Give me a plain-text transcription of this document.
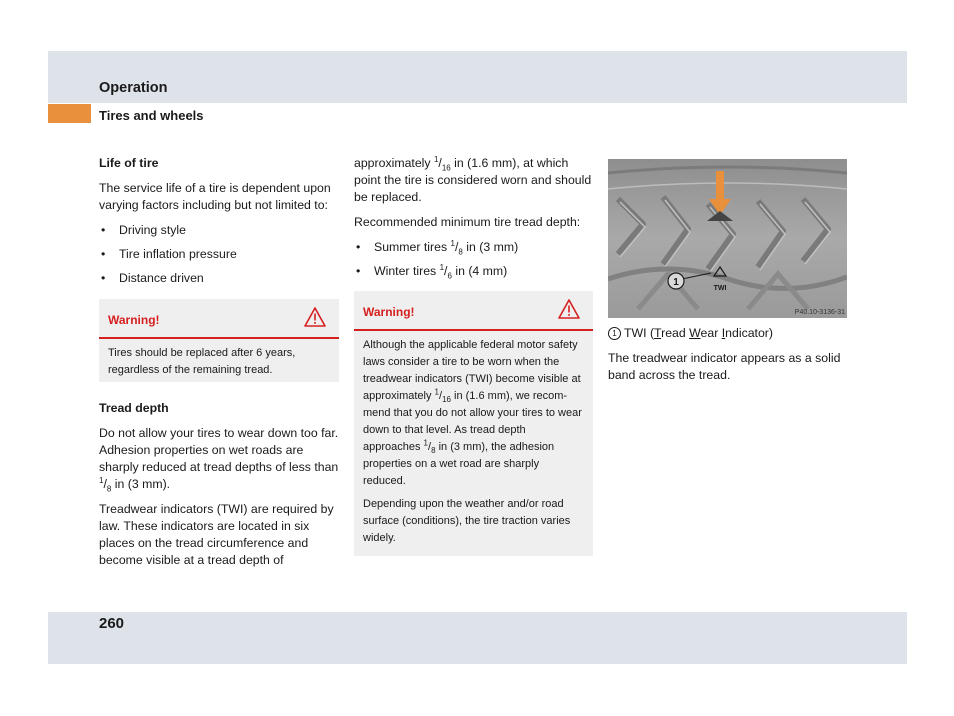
Operation
Tires and wheels
Life of tire

The service life of a tire is dependent upon varying factors including but not limited to:

• Driving style
• Tire inflation pressure
• Distance driven
Warning!
Tires should be replaced after 6 years, regardless of the remaining tread.
Tread depth

Do not allow your tires to wear down too far. Adhesion properties on wet roads are sharply reduced at tread depths of less than $^1/_8$ in (3 mm).

Treadwear indicators (TWI) are required by law. These indicators are located in six places on the tread circumference and become visible at a tread depth of

approximately $^1/_{16}$ in (1.6 mm), at which point the tire is considered worn and should be replaced.

Recommended minimum tire tread depth:

• Summer tires $^1/_8$ in (3 mm)
• Winter tires $^1/_6$ in (4 mm)
Warning!

Although the applicable federal motor safety laws consider a tire to be worn when the treadwear indicators (TWI) become visible at approximately $^1/_{16}$ in (1.6 mm), we recom- mend that you do not allow your tires to wear down to that level. As tread depth approaches $^1/_8$ in (3 mm), the adhesion properties on a wet road are sharply reduced.

Depending upon the weather and/or road surface (conditions), the tire traction varies widely.

1
TWI
P40.10-3136-31

1 TWI (Tread Wear Indicator)

The treadwear indicator appears as a solid band across the tread.

260
